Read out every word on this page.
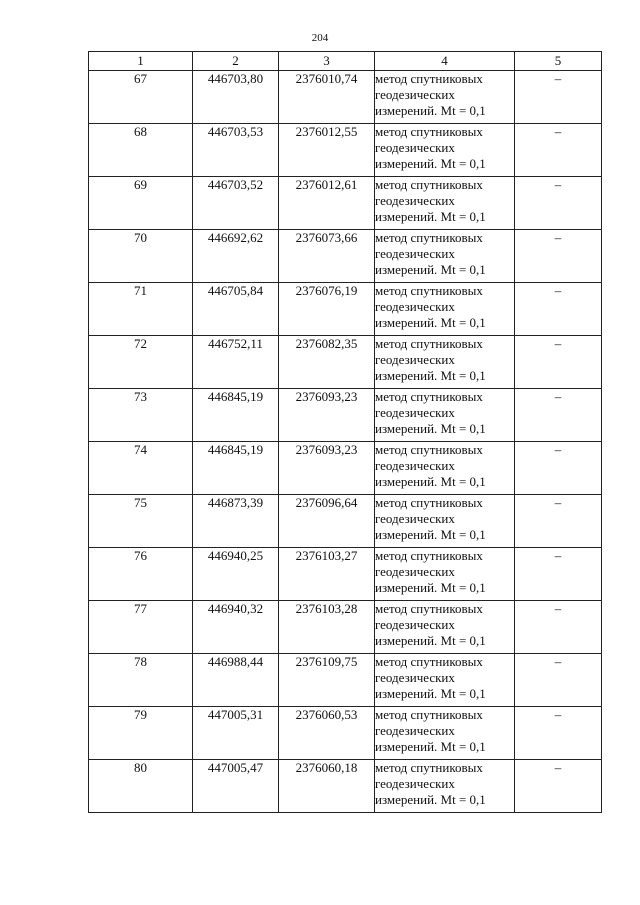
204
1	2	3	4	5
67	446703,80	2376010,74	метод спутниковых
геодезических
измерений. Mt = 0,1	–
68	446703,53	2376012,55	метод спутниковых
геодезических
измерений. Mt = 0,1	–
69	446703,52	2376012,61	метод спутниковых
геодезических
измерений. Mt = 0,1	–
70	446692,62	2376073,66	метод спутниковых
геодезических
измерений. Mt = 0,1	–
71	446705,84	2376076,19	метод спутниковых
геодезических
измерений. Mt = 0,1	–
72	446752,11	2376082,35	метод спутниковых
геодезических
измерений. Mt = 0,1	–
73	446845,19	2376093,23	метод спутниковых
геодезических
измерений. Mt = 0,1	–
74	446845,19	2376093,23	метод спутниковых
геодезических
измерений. Mt = 0,1	–
75	446873,39	2376096,64	метод спутниковых
геодезических
измерений. Mt = 0,1	–
76	446940,25	2376103,27	метод спутниковых
геодезических
измерений. Mt = 0,1	–
77	446940,32	2376103,28	метод спутниковых
геодезических
измерений. Mt = 0,1	–
78	446988,44	2376109,75	метод спутниковых
геодезических
измерений. Mt = 0,1	–
79	447005,31	2376060,53	метод спутниковых
геодезических
измерений. Mt = 0,1	–
80	447005,47	2376060,18	метод спутниковых
геодезических
измерений. Mt = 0,1	–
